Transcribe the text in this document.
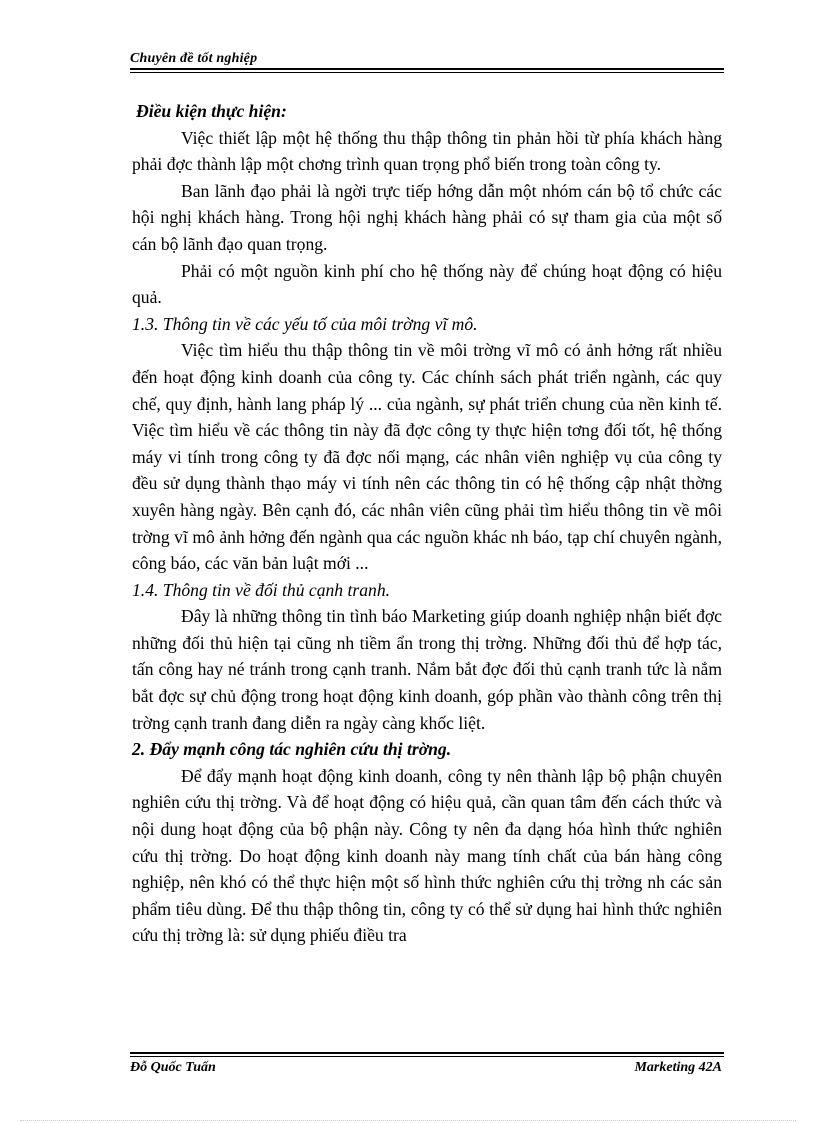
Chuyên đề tốt nghiệp

Điều kiện thực hiện:

Việc thiết lập một hệ thống thu thập thông tin phản hồi từ phía khách hàng phải đợc thành lập một chơng trình quan trọng phổ biến trong toàn công ty.

Ban lãnh đạo phải là ngời trực tiếp hớng dẫn một nhóm cán bộ tổ chức các hội nghị khách hàng. Trong hội nghị khách hàng phải có sự tham gia của một số cán bộ lãnh đạo quan trọng.

Phải có một nguồn kinh phí cho hệ thống này để chúng hoạt động có hiệu quả.

1.3. Thông tin về các yếu tố của môi trờng vĩ mô.

Việc tìm hiểu thu thập thông tin về môi trờng vĩ mô có ảnh hởng rất nhiều đến hoạt động kinh doanh của công ty. Các chính sách phát triển ngành, các quy chế, quy định, hành lang pháp lý ... của ngành, sự phát triển chung của nền kinh tế. Việc tìm hiểu về các thông tin này đã đợc công ty thực hiện tơng đối tốt, hệ thống máy vi tính trong công ty đã đợc nối mạng, các nhân viên nghiệp vụ của công ty đều sử dụng thành thạo máy vi tính nên các thông tin có hệ thống cập nhật thờng xuyên hàng ngày. Bên cạnh đó, các nhân viên cũng phải tìm hiểu thông tin về môi trờng vĩ mô ảnh hởng đến ngành qua các nguồn khác nh báo, tạp chí chuyên ngành, công báo, các văn bản luật mới ...

1.4. Thông tin về đối thủ cạnh tranh.

Đây là những thông tin tình báo Marketing giúp doanh nghiệp nhận biết đợc những đối thủ hiện tại cũng nh tiềm ẩn trong thị trờng. Những đối thủ để hợp tác, tấn công hay né tránh trong cạnh tranh. Nắm bắt đợc đối thủ cạnh tranh tức là nắm bắt đợc sự chủ động trong hoạt động kinh doanh, góp phần vào thành công trên thị trờng cạnh tranh đang diễn ra ngày càng khốc liệt.

2. Đẩy mạnh công tác nghiên cứu thị trờng.

Để đẩy mạnh hoạt động kinh doanh, công ty nên thành lập bộ phận chuyên nghiên cứu thị trờng. Và để hoạt động có hiệu quả, cần quan tâm đến cách thức và nội dung hoạt động của bộ phận này. Công ty nên đa dạng hóa hình thức nghiên cứu thị trờng. Do hoạt động kinh doanh này mang tính chất của bán hàng công nghiệp, nên khó có thể thực hiện một số hình thức nghiên cứu thị trờng nh các sản phẩm tiêu dùng. Để thu thập thông tin, công ty có thể sử dụng hai hình thức nghiên cứu thị trờng là: sử dụng phiếu điều tra

Đỗ Quốc Tuấn	Marketing 42A
